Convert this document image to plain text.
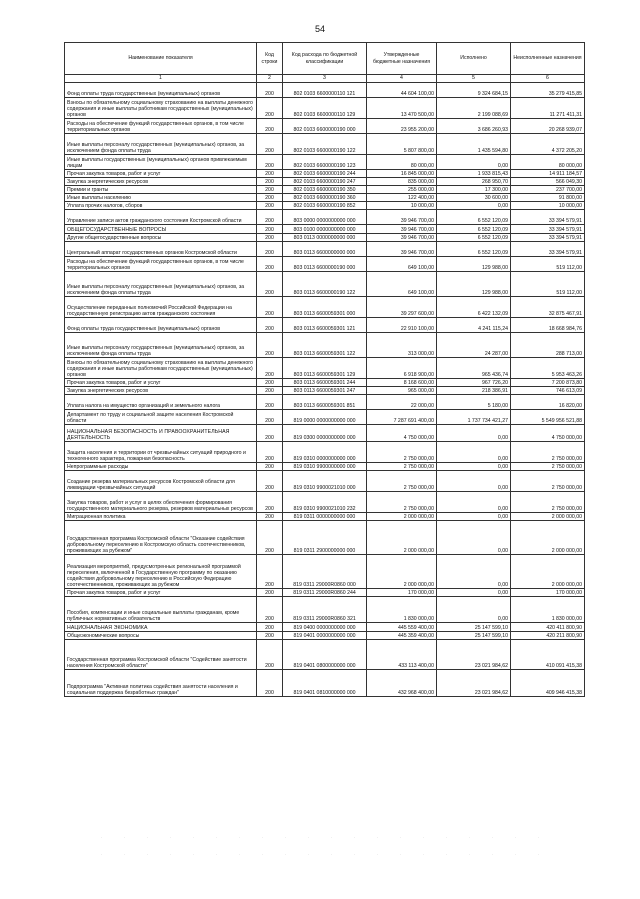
54
Наименование показателя	Код строки	Код расхода по бюджетной классификации	Утвержденные бюджетные назначения	Исполнено	Неисполненные назначения
1	2	3	4	5	6
Фонд оплаты труда государственных (муниципальных) органов	200	802 0103 6600000110 121	44 604 100,00	9 324 684,15	35 279 415,85
Взносы по обязательному социальному страхованию на выплаты денежного содержания и иные выплаты работникам государственных (муниципальных) органов	200	802 0103 6600000110 129	13 470 500,00	2 199 088,69	11 271 411,31
Расходы на обеспечение функций государственных органов, в том числе территориальных органов	200	802 0103 6600000190 000	23 955 200,00	3 686 260,93	20 268 939,07
Иные выплаты персоналу государственных (муниципальных) органов, за исключением фонда оплаты труда	200	802 0103 6600000190 122	5 807 800,00	1 435 594,80	4 372 205,20
Иные выплаты государственных (муниципальных) органов привлекаемым лицам	200	802 0103 6600000190 123	80 000,00	0,00	80 000,00
Прочая закупка товаров, работ и услуг	200	802 0103 6600000190 244	16 845 000,00	1 933 815,43	14 911 184,57
Закупка энергетических ресурсов	200	802 0103 6600000190 247	835 000,00	268 950,70	566 049,30
Премии и гранты	200	802 0103 6600000190 350	255 000,00	17 300,00	237 700,00
Иные выплаты населению	200	802 0103 6600000190 360	122 400,00	30 600,00	91 800,00
Уплата прочих налогов, сборов	200	802 0103 6600000190 852	10 000,00	0,00	10 000,00
Управление записи актов гражданского состояния Костромской области	200	803 0000 0000000000 000	39 946 700,00	6 552 120,09	33 394 579,91
ОБЩЕГОСУДАРСТВЕННЫЕ ВОПРОСЫ	200	803 0100 0000000000 000	39 946 700,00	6 552 120,09	33 394 579,91
Другие общегосударственные вопросы	200	803 0113 0000000000 000	39 946 700,00	6 552 120,09	33 394 579,91
Центральный аппарат государственных органов Костромской области	200	803 0113 6600000000 000	39 946 700,00	6 552 120,09	33 394 579,91
Расходы на обеспечение функций государственных органов, в том числе территориальных органов	200	803 0113 6600000190 000	649 100,00	129 988,00	519 112,00
Иные выплаты персоналу государственных (муниципальных) органов, за исключением фонда оплаты труда	200	803 0113 6600000190 122	649 100,00	129 988,00	519 112,00
Осуществление переданных полномочий Российской Федерации на государственную регистрацию актов гражданского состояния	200	803 0113 6600059301 000	39 297 600,00	6 422 132,09	32 875 467,91
Фонд оплаты труда государственных (муниципальных) органов	200	803 0113 6600059301 121	22 910 100,00	4 241 115,24	18 668 984,76
Иные выплаты персоналу государственных (муниципальных) органов, за исключением фонда оплаты труда	200	803 0113 6600059301 122	313 000,00	24 287,00	288 713,00
Взносы по обязательному социальному страхованию на выплаты денежного содержания и иные выплаты работникам государственных (муниципальных) органов	200	803 0113 6600059301 129	6 918 900,00	965 436,74	5 953 463,26
Прочая закупка товаров, работ и услуг	200	803 0113 6600059301 244	8 168 600,00	967 726,20	7 200 873,80
Закупка энергетических ресурсов	200	803 0113 6600059301 247	965 000,00	218 386,91	746 613,09
Уплата налога на имущество организаций и земельного налога	200	803 0113 6600059301 851	22 000,00	5 180,00	16 820,00
Департамент по труду и социальной защите населения Костромской области	200	819 0000 0000000000 000	7 287 691 400,00	1 737 734 421,27	5 549 956 521,88
НАЦИОНАЛЬНАЯ БЕЗОПАСНОСТЬ И ПРАВООХРАНИТЕЛЬНАЯ ДЕЯТЕЛЬНОСТЬ	200	819 0300 0000000000 000	4 750 000,00	0,00	4 750 000,00
Защита населения и территории от чрезвычайных ситуаций природного и техногенного характера, пожарная безопасность	200	819 0310 0000000000 000	2 750 000,00	0,00	2 750 000,00
Непрограммные расходы	200	819 0310 9900000000 000	2 750 000,00	0,00	2 750 000,00
Создание резерва материальных ресурсов Костромской области для ликвидации чрезвычайных ситуаций	200	819 0310 9900021010 000	2 750 000,00	0,00	2 750 000,00
Закупка товаров, работ и услуг в целях обеспечения формирования государственного материального резерва, резервов материальных ресурсов	200	819 0310 9900021010 232	2 750 000,00	0,00	2 750 000,00
Миграционная политика	200	819 0311 0000000000 000	2 000 000,00	0,00	2 000 000,00
Государственная программа Костромской области "Оказание содействия добровольному переселению в Костромскую область соотечественников, проживающих за рубежом"	200	819 0311 2900000000 000	2 000 000,00	0,00	2 000 000,00
Реализация мероприятий, предусмотренных региональной программой переселения, включенной в Государственную программу по оказанию содействия добровольному переселению в Российскую Федерацию соотечественников, проживающих за рубежом	200	819 0311 29000R0860 000	2 000 000,00	0,00	2 000 000,00
Прочая закупка товаров, работ и услуг	200	819 0311 29000R0860 244	170 000,00	0,00	170 000,00
Пособия, компенсации и иные социальные выплаты гражданам, кроме публичных нормативных обязательств	200	819 0311 29000R0860 321	1 830 000,00	0,00	1 830 000,00
НАЦИОНАЛЬНАЯ ЭКОНОМИКА	200	819 0400 0000000000 000	445 559 400,00	25 147 599,10	420 411 800,90
Общеэкономические вопросы	200	819 0401 0000000000 000	445 359 400,00	25 147 599,10	420 211 800,90
Государственная программа Костромской области "Содействие занятости населения Костромской области"	200	819 0401 0800000000 000	433 113 400,00	23 021 984,62	410 091 415,38
Подпрограмма "Активная политика содействия занятости населения и социальная поддержка безработных граждан"	200	819 0401 0810000000 000	432 968 400,00	23 021 984,62	409 946 415,38
